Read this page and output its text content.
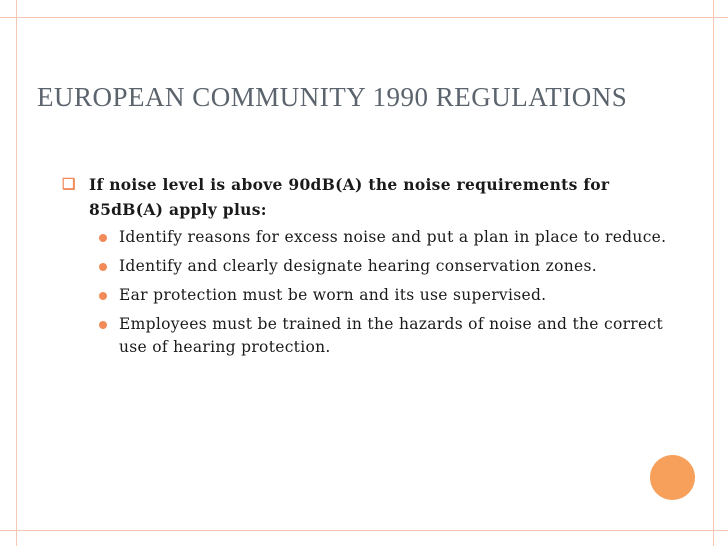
EUROPEAN COMMUNITY 1990 REGULATIONS
❑ If noise level is above 90dB(A) the noise requirements for 85dB(A) apply plus:
Identify reasons for excess noise and put a plan in place to reduce.
Identify and clearly designate hearing conservation zones.
Ear protection must be worn and its use supervised.
Employees must be trained in the hazards of noise and the correct use of hearing protection.
